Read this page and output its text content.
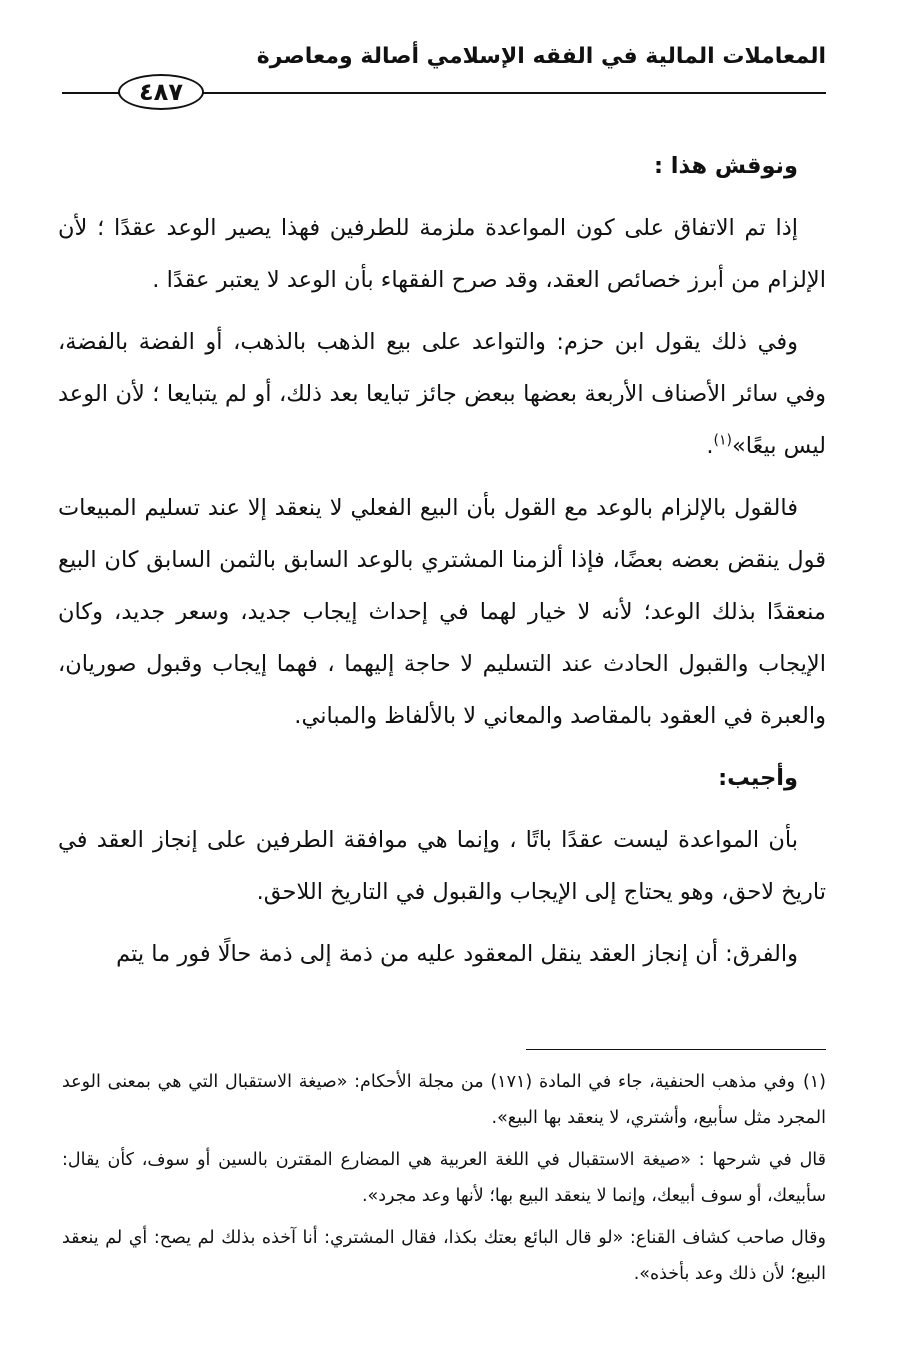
المعاملات المالية في الفقه الإسلامي أصالة ومعاصرة
٤٨٧

ونوقش هذا :

إذا تم الاتفاق على كون المواعدة ملزمة للطرفين فهذا يصير الوعد عقدًا ؛ لأن الإلزام من أبرز خصائص العقد، وقد صرح الفقهاء بأن الوعد لا يعتبر عقدًا .

وفي ذلك يقول ابن حزم: والتواعد على بيع الذهب بالذهب، أو الفضة بالفضة، وفي سائر الأصناف الأربعة بعضها ببعض جائز تبايعا بعد ذلك، أو لم يتبايعا ؛ لأن الوعد ليس بيعًا»$^{(١)}$.

فالقول بالإلزام بالوعد مع القول بأن البيع الفعلي لا ينعقد إلا عند تسليم المبيعات قول ينقض بعضه بعضًا، فإذا ألزمنا المشتري بالوعد السابق بالثمن السابق كان البيع منعقدًا بذلك الوعد؛ لأنه لا خيار لهما في إحداث إيجاب جديد، وسعر جديد، وكان الإيجاب والقبول الحادث عند التسليم لا حاجة إليهما ، فهما إيجاب وقبول صوريان، والعبرة في العقود بالمقاصد والمعاني لا بالألفاظ والمباني.

وأجيب:

بأن المواعدة ليست عقدًا باتًا ، وإنما هي موافقة الطرفين على إنجاز العقد في تاريخ لاحق، وهو يحتاج إلى الإيجاب والقبول في التاريخ اللاحق.

والفرق: أن إنجاز العقد ينقل المعقود عليه من ذمة إلى ذمة حالًا فور ما يتم

(١)وفي مذهب الحنفية، جاء في المادة (١٧١) من مجلة الأحكام: «صيغة الاستقبال التي هي بمعنى الوعد المجرد مثل سأبيع، وأشتري، لا ينعقد بها البيع».

قال في شرحها : «صيغة الاستقبال في اللغة العربية هي المضارع المقترن بالسين أو سوف، كأن يقال: سأبيعك، أو سوف أبيعك، وإنما لا ينعقد البيع بها؛ لأنها وعد مجرد».

وقال صاحب كشاف القناع: «لو قال البائع بعتك بكذا، فقال المشتري: أنا آخذه بذلك لم يصح: أي لم ينعقد البيع؛ لأن ذلك وعد بأخذه».
